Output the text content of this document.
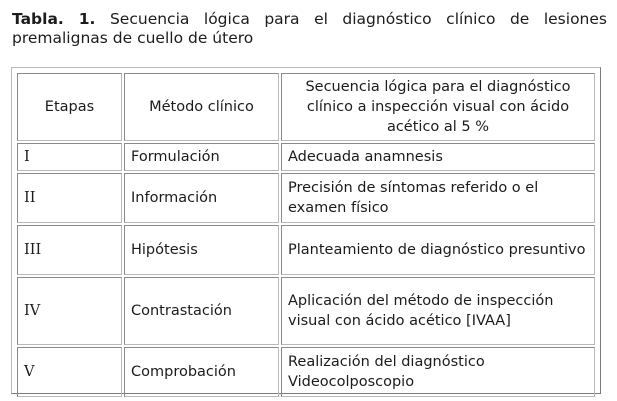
Tabla. 1. Secuencia lógica para el diagnóstico clínico de lesiones premalignas de cuello de útero
Etapas	Método clínico	Secuencia lógica para el diagnóstico clínico a inspección visual con ácido acético al 5 %
I	Formulación	Adecuada anamnesis
II	Información	Precisión de síntomas referido o el examen físico
III	Hipótesis	Planteamiento de diagnóstico presuntivo
IV	Contrastación	Aplicación del método de inspección visual con ácido acético [IVAA]
V	Comprobación	Realización del diagnóstico Videocolposcopio
